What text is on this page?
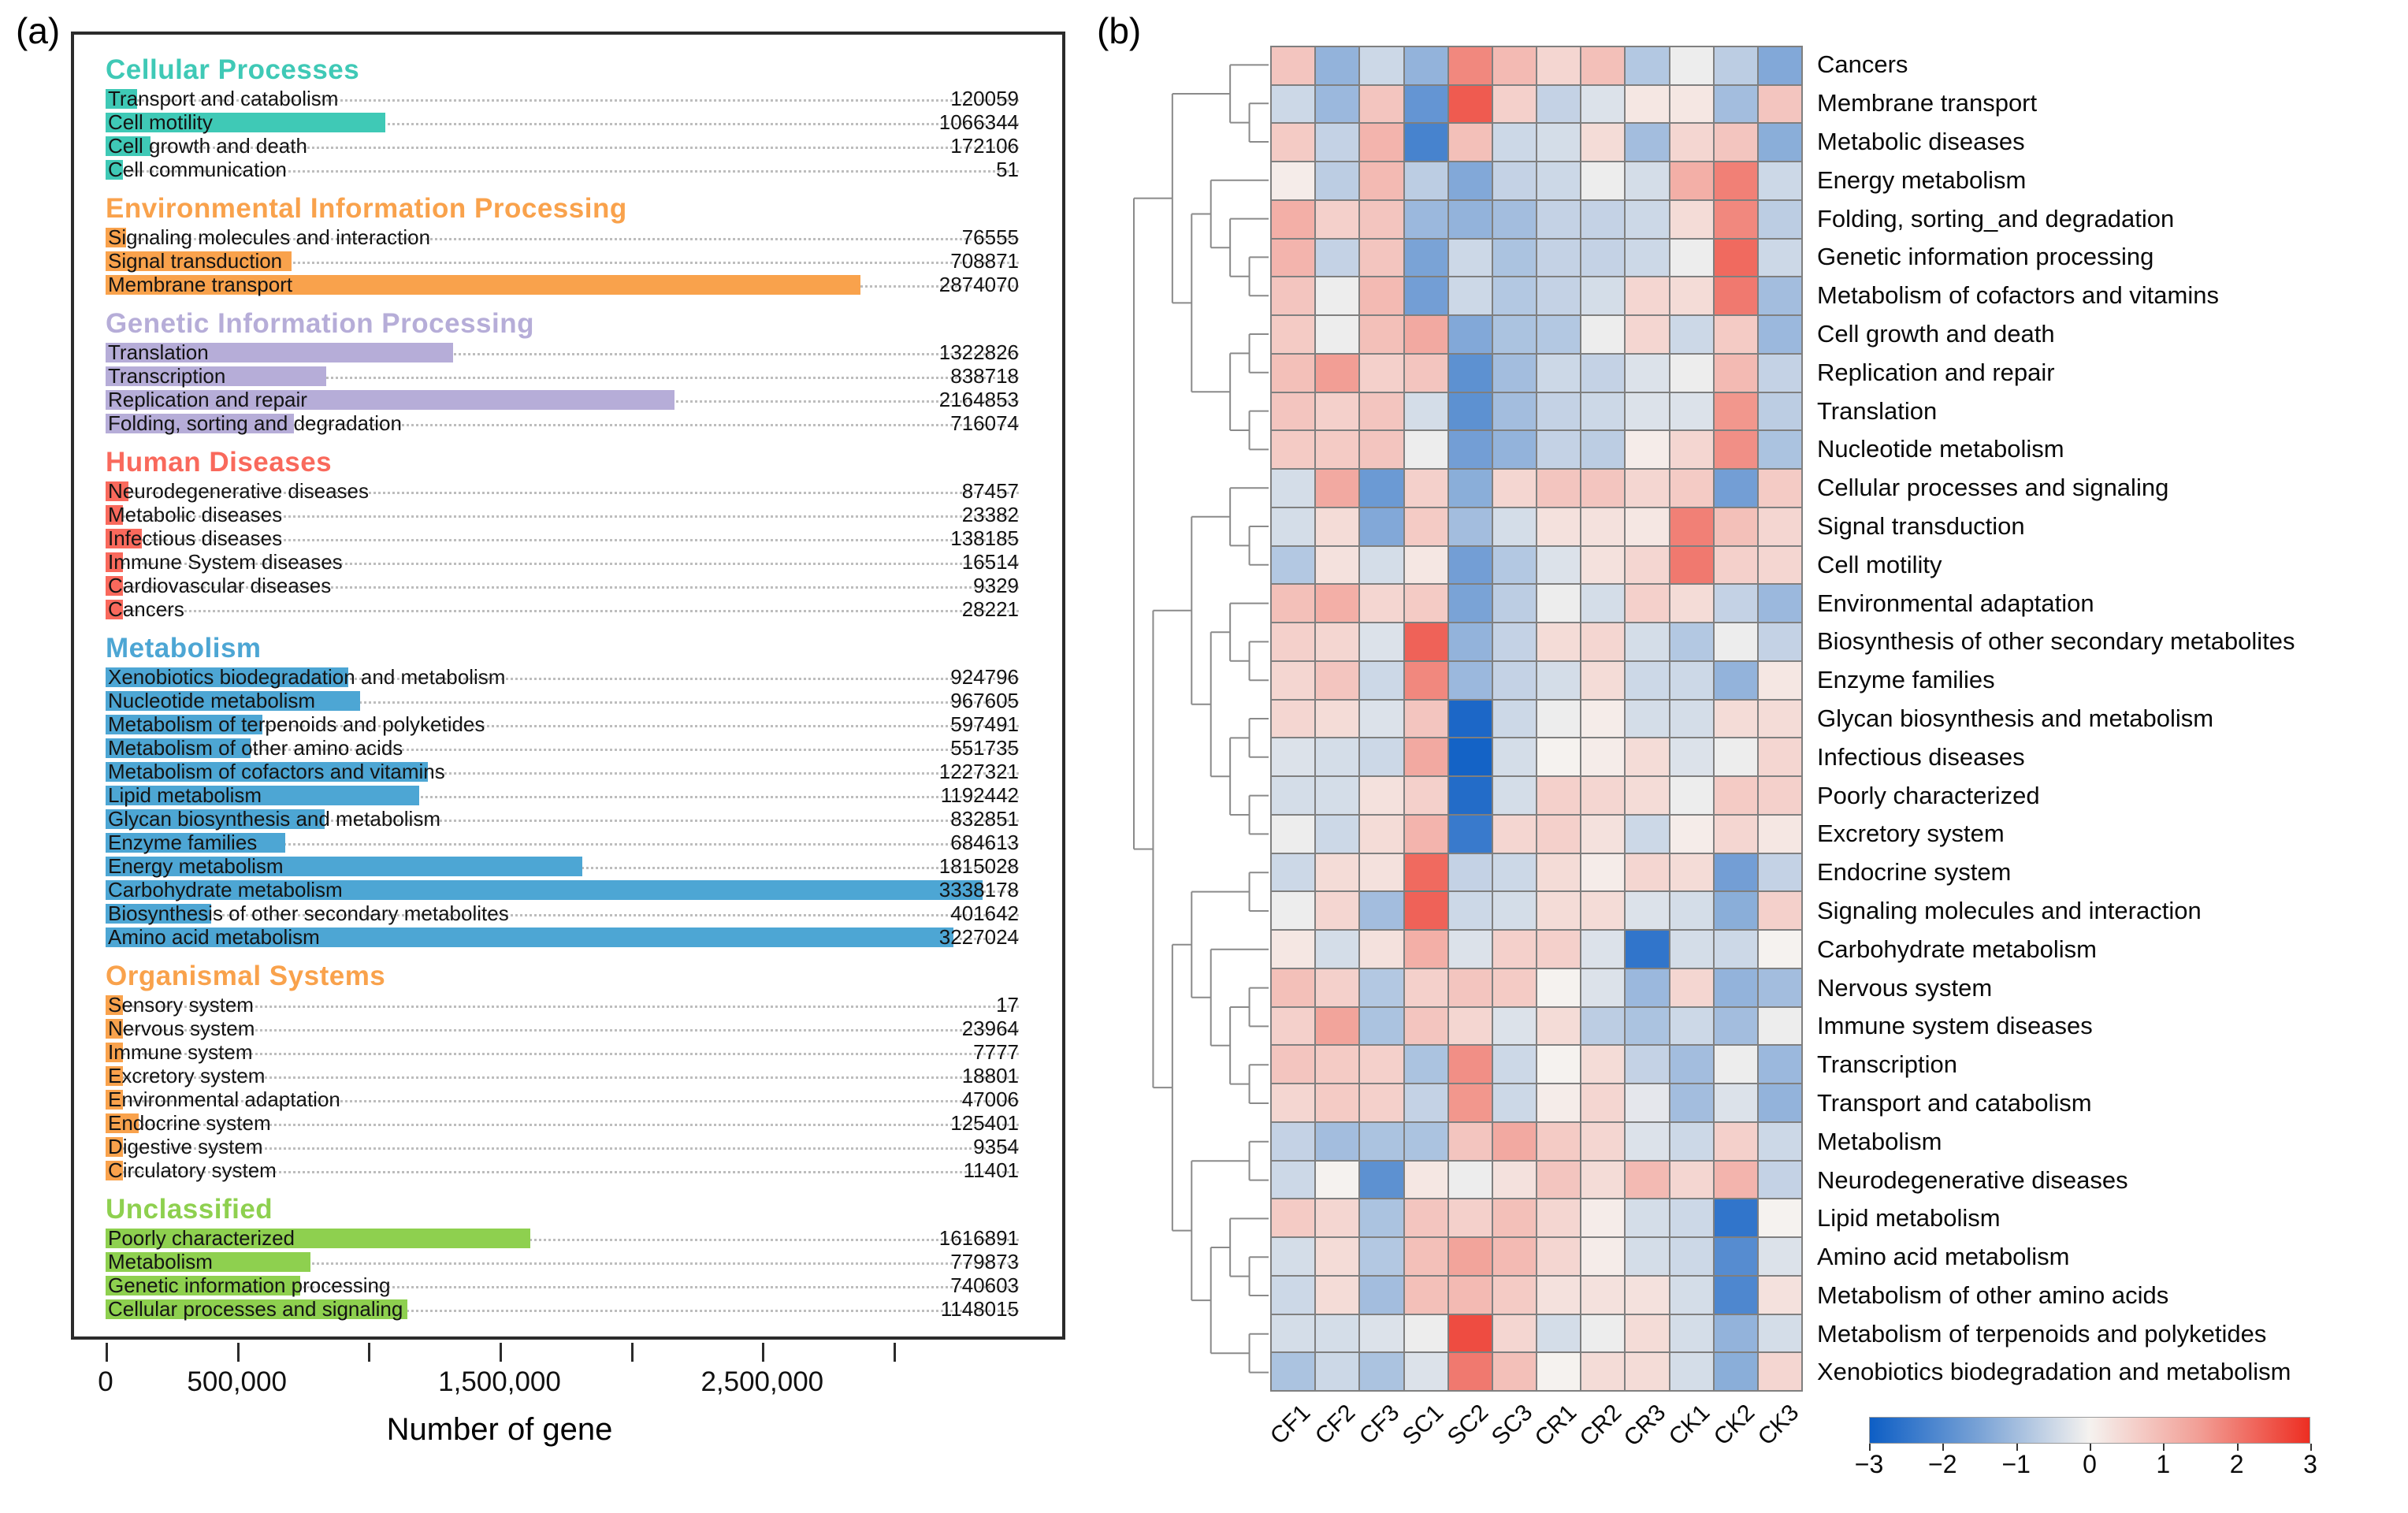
(a)	(b)
Cellular Processes
Transport and catabolism	120059
Cell motility	1066344
Cell growth and death	172106
Cell communication	51
Environmental Information Processing
Signaling molecules and interaction	76555
Signal transduction	708871
Membrane transport	2874070
Genetic Information Processing
Translation	1322826
Transcription	838718
Replication and repair	2164853
Folding, sorting and degradation	716074
Human Diseases
Neurodegenerative diseases	87457
Metabolic diseases	23382
Infectious diseases	138185
Immune System diseases	16514
Cardiovascular diseases	9329
Cancers	28221
Metabolism
Xenobiotics biodegradation and metabolism	924796
Nucleotide metabolism	967605
Metabolism of terpenoids and polyketides	597491
Metabolism of other amino acids	551735
Metabolism of cofactors and vitamins	1227321
Lipid metabolism	1192442
Glycan biosynthesis and metabolism	832851
Enzyme families	684613
Energy metabolism	1815028
Carbohydrate metabolism	3338178
Biosynthesis of other secondary metabolites	401642
Amino acid metabolism	3227024
Organismal Systems
Sensory system	17
Nervous system	23964
Immune system	7777
Excretory system	18801
Environmental adaptation	47006
Endocrine system	125401
Digestive system	9354
Circulatory system	11401
Unclassified
Poorly characterized	1616891
Metabolism	779873
Genetic information processing	740603
Cellular processes and signaling	1148015
0	500,000	1,500,000	2,500,000
Number of gene
Cancers
Membrane transport
Metabolic diseases
Energy metabolism
Folding, sorting_and degradation
Genetic information processing
Metabolism of cofactors and vitamins
Cell growth and death
Replication and repair
Translation
Nucleotide metabolism
Cellular processes and signaling
Signal transduction
Cell motility
Environmental adaptation
Biosynthesis of other secondary metabolites
Enzyme families
Glycan biosynthesis and metabolism
Infectious diseases
Poorly characterized
Excretory system
Endocrine system
Signaling molecules and interaction
Carbohydrate metabolism
Nervous system
Immune system diseases
Transcription
Transport and catabolism
Metabolism
Neurodegenerative diseases
Lipid metabolism
Amino acid metabolism
Metabolism of other amino acids
Metabolism of terpenoids and polyketides
Xenobiotics biodegradation and metabolism
CF1
CF2
CF3
SC1
SC2
SC3
CR1
CR2
CR3
CK1
CK2
CK3
−3	−2	−1	0	1	2	3
